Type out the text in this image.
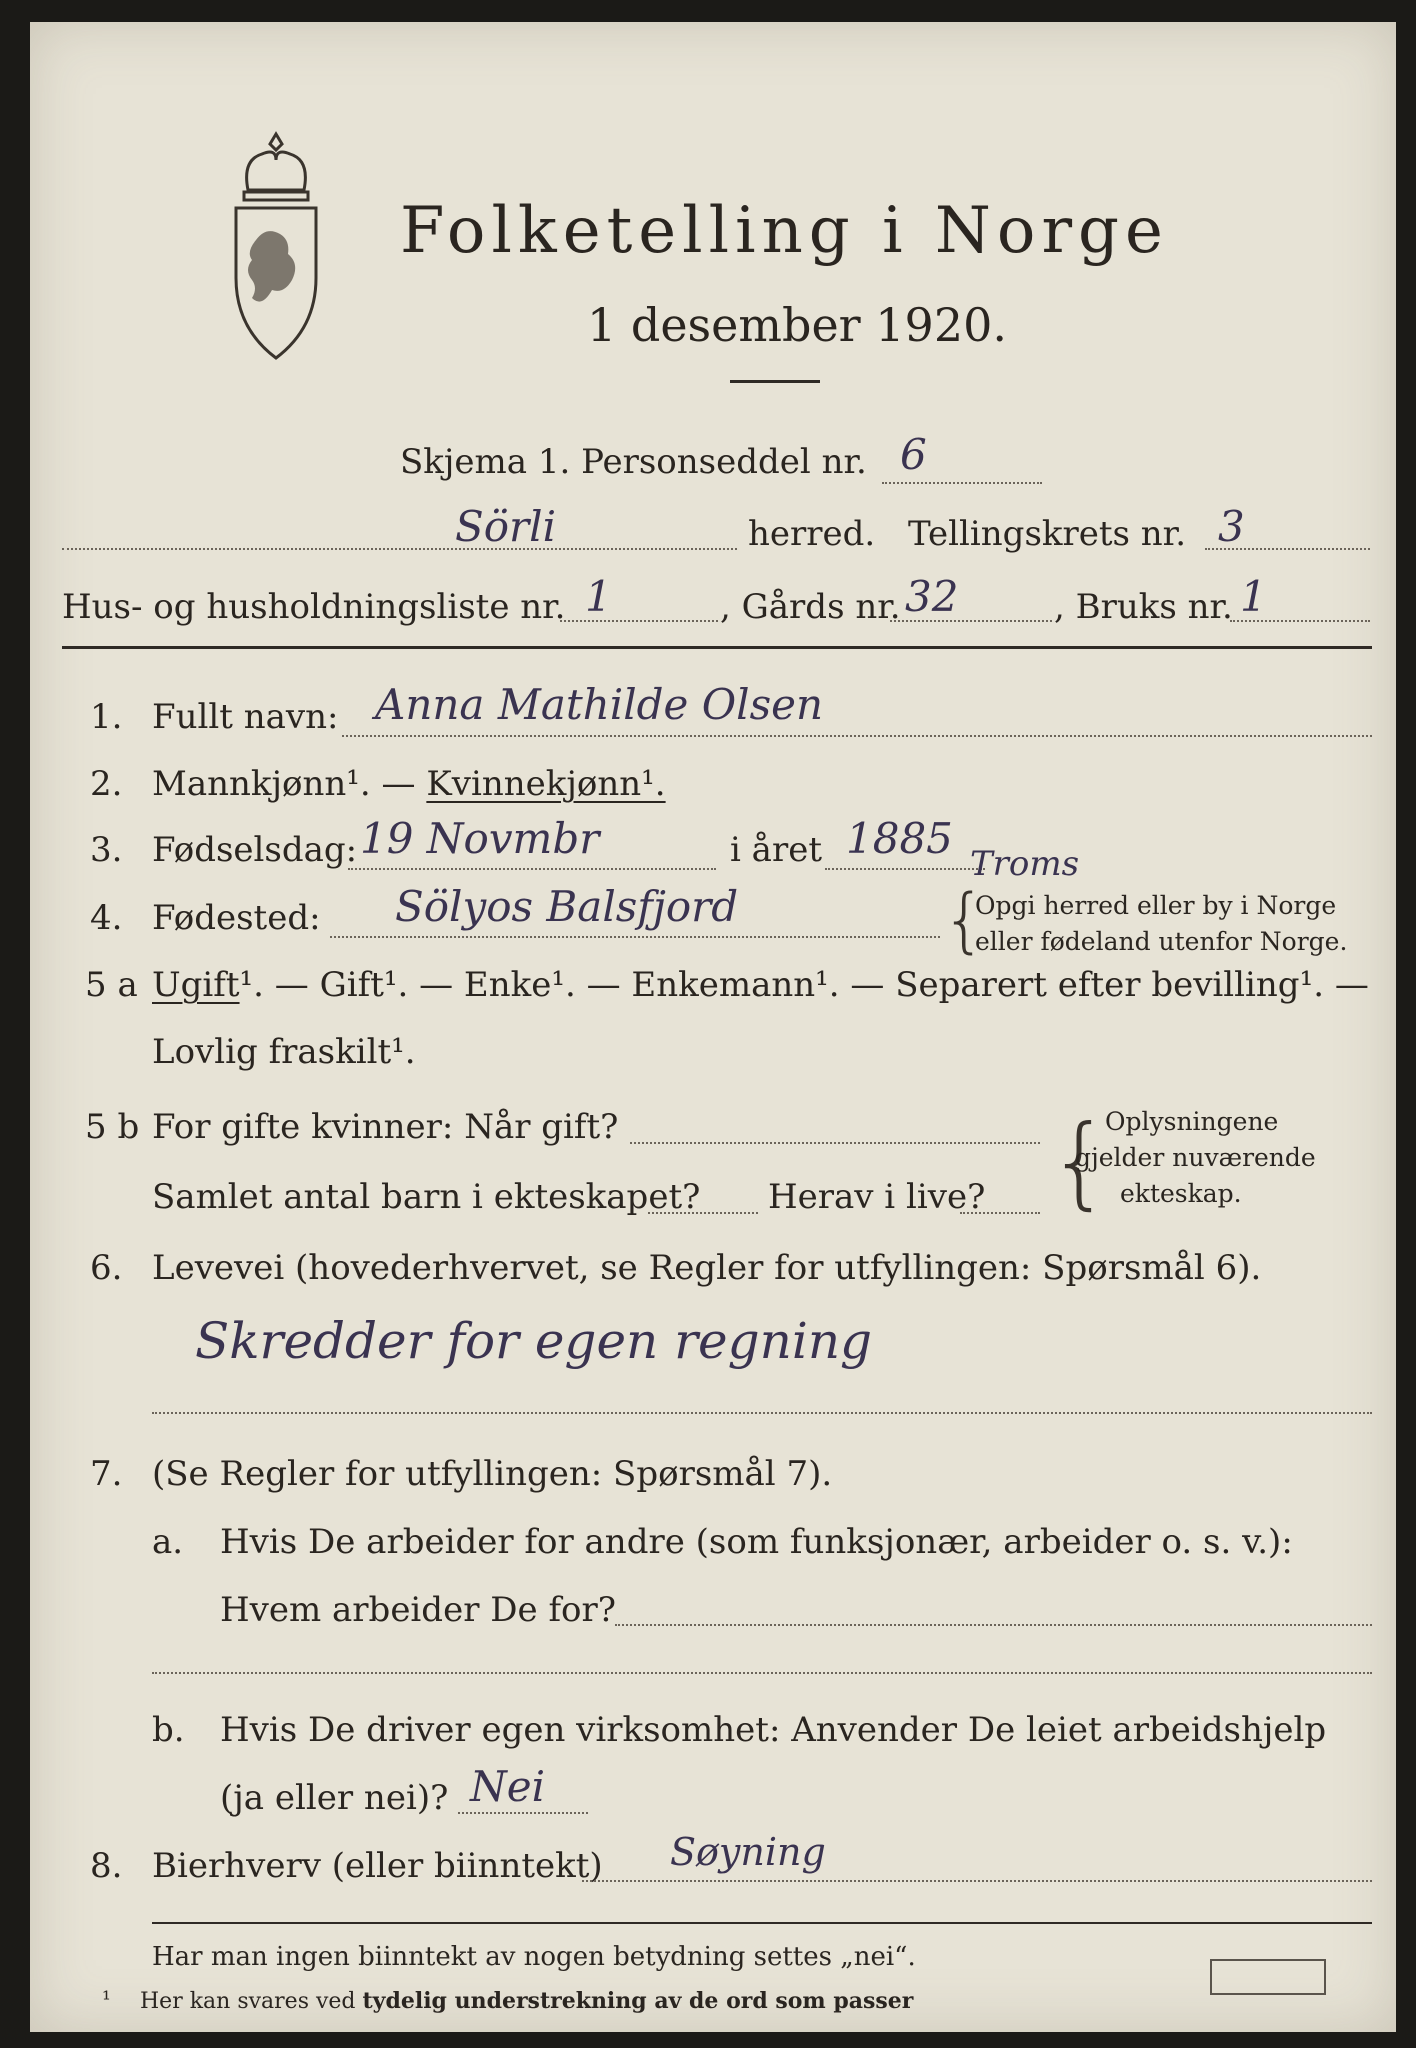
Folketelling i Norge
1 desember 1920.
Skjema 1. Personseddel nr. 6
Sörli	herred. Tellingskrets nr. 3
Hus- og husholdningsliste nr. 1	, Gårds nr. 32	, Bruks nr. 1
1. Fullt navn: Anna Mathilde Olsen
2. Mannkjønn¹. — Kvinnekjønn¹.
3. Fødselsdag: 19 Novmbr	i året 1885
4. Fødested: Sölyos Balsfjord
Troms
{
Opgi herred eller by i Norge
eller fødeland utenfor Norge.
5 a Ugift¹. — Gift¹. — Enke¹. — Enkemann¹. — Separert efter bevilling¹. —
Lovlig fraskilt¹.
5 b For gifte kvinner: Når gift?
Samlet antal barn i ekteskapet? Herav i live? {
Oplysningene
gjelder nuværende
ekteskap.
6. Levevei (hovederhvervet, se Regler for utfyllingen: Spørsmål 6).
Skredder for egen regning
7. (Se Regler for utfyllingen: Spørsmål 7).
a. Hvis De arbeider for andre (som funksjonær, arbeider o. s. v.):
Hvem arbeider De for?
b. Hvis De driver egen virksomhet: Anvender De leiet arbeidshjelp
(ja eller nei)? Nei
8. Bierhverv (eller biinntekt) Søyning
Har man ingen biinntekt av nogen betydning settes „nei“.
¹ Her kan svares ved tydelig understrekning av de ord som passer
